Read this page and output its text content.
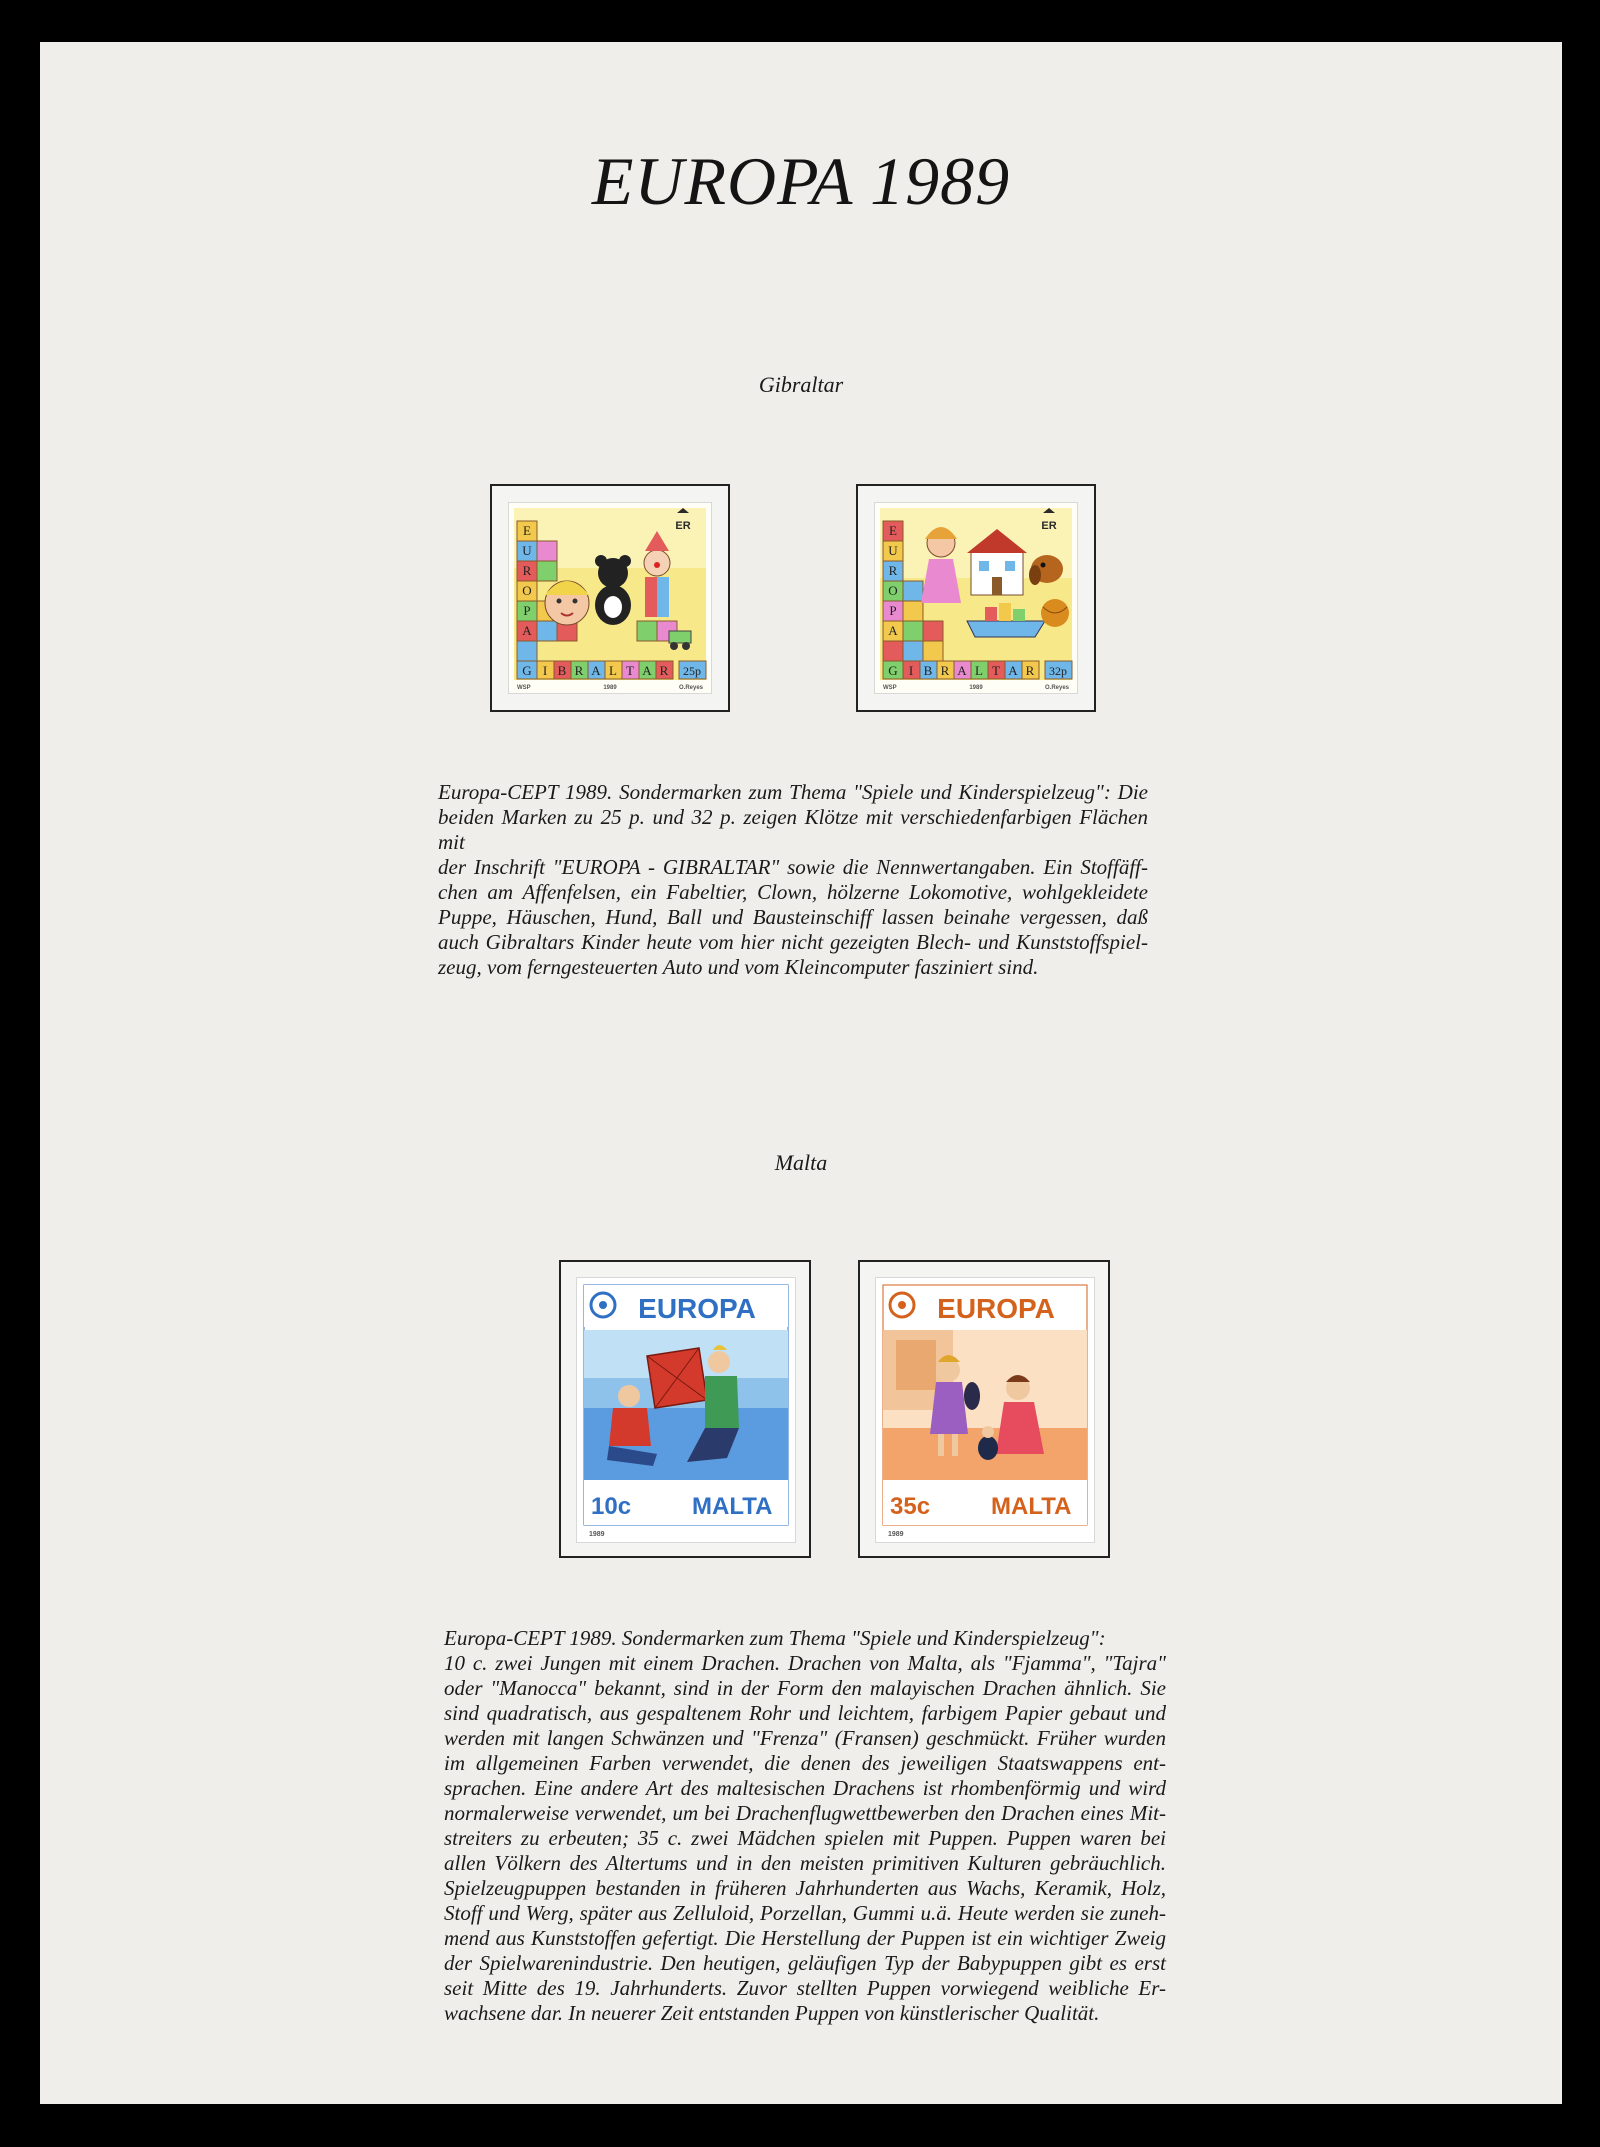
EUROPA 1989
Gibraltar
ER
E
U
R
O
P
A
G I B R A L T A R 25p
WSP	1989	O.Reyes
ER
E
U
R
O
P
A
G I B R A L T A R 32p
WSP	1989	O.Reyes
Europa-CEPT 1989. Sondermarken zum Thema "Spiele und Kinderspielzeug": Die
beiden Marken zu 25 p. und 32 p. zeigen Klötze mit verschiedenfarbigen Flächen mit
der Inschrift "EUROPA - GIBRALTAR" sowie die Nennwertangaben. Ein Stoffäff-
chen am Affenfelsen, ein Fabeltier, Clown, hölzerne Lokomotive, wohlgekleidete
Puppe, Häuschen, Hund, Ball und Bausteinschiff lassen beinahe vergessen, daß
auch Gibraltars Kinder heute vom hier nicht gezeigten Blech- und Kunststoffspiel-
zeug, vom ferngesteuerten Auto und vom Kleincomputer fasziniert sind.
Malta
EUROPA
10c	MALTA
1989
EUROPA
35c	MALTA
1989
Europa-CEPT 1989. Sondermarken zum Thema "Spiele und Kinderspielzeug":
10 c. zwei Jungen mit einem Drachen. Drachen von Malta, als "Fjamma", "Tajra"
oder "Manocca" bekannt, sind in der Form den malayischen Drachen ähnlich. Sie
sind quadratisch, aus gespaltenem Rohr und leichtem, farbigem Papier gebaut und
werden mit langen Schwänzen und "Frenza" (Fransen) geschmückt. Früher wurden
im allgemeinen Farben verwendet, die denen des jeweiligen Staatswappens ent-
sprachen. Eine andere Art des maltesischen Drachens ist rhombenförmig und wird
normalerweise verwendet, um bei Drachenflugwettbewerben den Drachen eines Mit-
streiters zu erbeuten; 35 c. zwei Mädchen spielen mit Puppen. Puppen waren bei
allen Völkern des Altertums und in den meisten primitiven Kulturen gebräuchlich.
Spielzeugpuppen bestanden in früheren Jahrhunderten aus Wachs, Keramik, Holz,
Stoff und Werg, später aus Zelluloid, Porzellan, Gummi u.ä. Heute werden sie zuneh-
mend aus Kunststoffen gefertigt. Die Herstellung der Puppen ist ein wichtiger Zweig
der Spielwarenindustrie. Den heutigen, geläufigen Typ der Babypuppen gibt es erst
seit Mitte des 19. Jahrhunderts. Zuvor stellten Puppen vorwiegend weibliche Er-
wachsene dar. In neuerer Zeit entstanden Puppen von künstlerischer Qualität.
